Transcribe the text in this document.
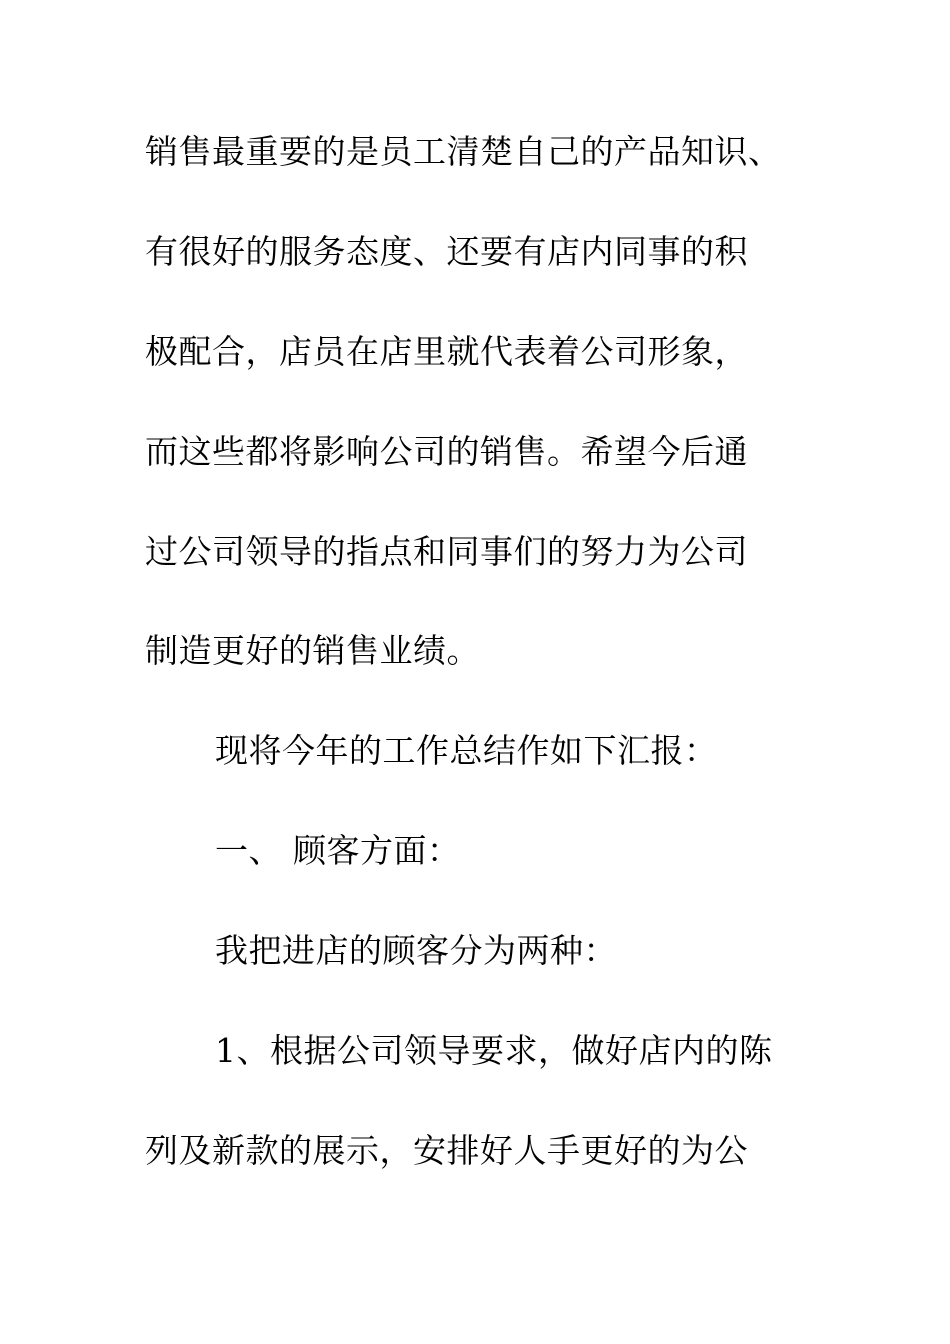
销售最重要的是员工清楚自己的产品知识、
有很好的服务态度、还要有店内同事的积
极配合，店员在店里就代表着公司形象，
而这些都将影响公司的销售。希望今后通
过公司领导的指点和同事们的努力为公司
制造更好的销售业绩。
现将今年的工作总结作如下汇报：
一、 顾客方面：
我把进店的顾客分为两种：
1、根据公司领导要求，做好店内的陈
列及新款的展示，安排好人手更好的为公
